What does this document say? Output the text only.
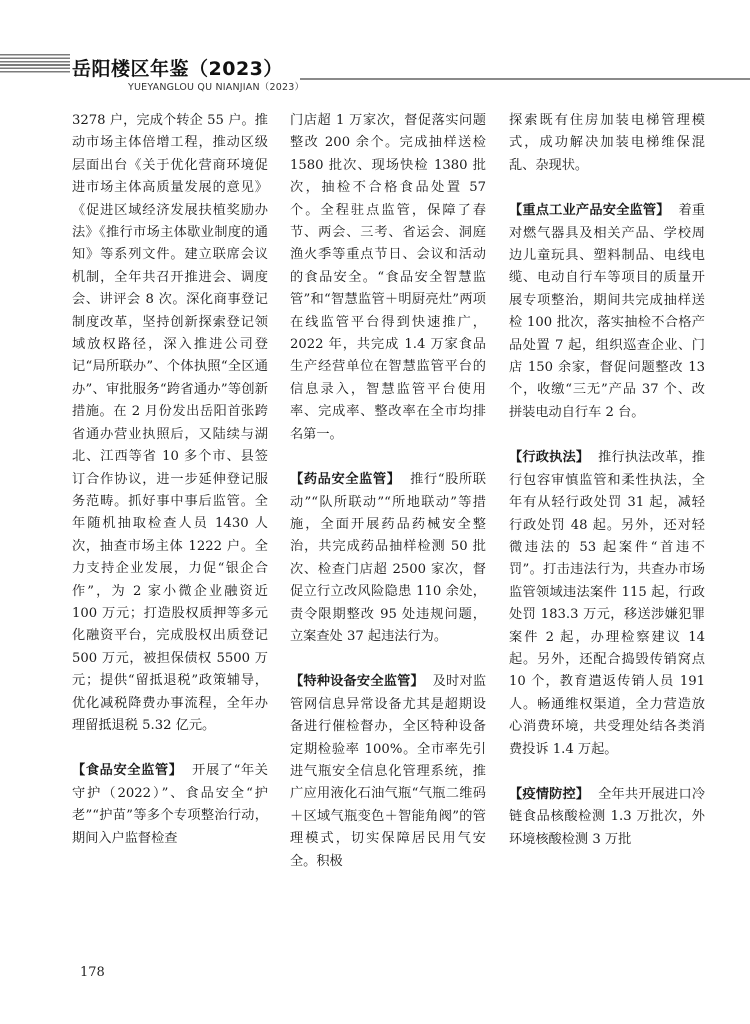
岳阳楼区年鉴（2023）
YUEYANGLOU QU NIANJIAN（2023）

3278 户，完成个转企 55 户。推动市场主体倍增工程，推动区级层面出台《关于优化营商环境促进市场主体高质量发展的意见》《促进区域经济发展扶植奖励办法》《推行市场主体歇业制度的通知》等系列文件。建立联席会议机制，全年共召开推进会、调度会、讲评会 8 次。深化商事登记制度改革，坚持创新探索登记领域放权路径，深入推进公司登记“局所联办”、个体执照“全区通办”、审批服务“跨省通办”等创新措施。在 2 月份发出岳阳首张跨省通办营业执照后，又陆续与湖北、江西等省 10 多个市、县签订合作协议，进一步延伸登记服务范畴。抓好事中事后监管。全年随机抽取检查人员 1430 人次，抽查市场主体 1222 户。全力支持企业发展，力促“银企合作”，为 2 家小微企业融资近 100 万元；打造股权质押等多元化融资平台，完成股权出质登记 500 万元，被担保债权 5500 万元；提供“留抵退税”政策辅导，优化减税降费办事流程，全年办理留抵退税 5.32 亿元。

【食品安全监管】 开展了“年关守护（2022）”、食品安全“护老”“护苗”等多个专项整治行动，期间入户监督检查

门店超 1 万家次，督促落实问题整改 200 余个。完成抽样送检 1580 批次、现场快检 1380 批次，抽检不合格食品处置 57 个。全程驻点监管，保障了春节、两会、三考、省运会、洞庭渔火季等重点节日、会议和活动的食品安全。“食品安全智慧监管”和“智慧监管＋明厨亮灶”两项在线监管平台得到快速推广，2022 年，共完成 1.4 万家食品生产经营单位在智慧监管平台的信息录入，智慧监管平台使用率、完成率、整改率在全市均排名第一。

【药品安全监管】 推行“股所联动”“队所联动”“所地联动”等措施，全面开展药品药械安全整治，共完成药品抽样检测 50 批次、检查门店超 2500 家次，督促立行立改风险隐患 110 余处，责令限期整改 95 处违规问题，立案查处 37 起违法行为。

【特种设备安全监管】 及时对监管网信息异常设备尤其是超期设备进行催检督办，全区特种设备定期检验率 100%。全市率先引进气瓶安全信息化管理系统，推广应用液化石油气瓶“气瓶二维码＋区域气瓶变色＋智能角阀”的管理模式，切实保障居民用气安全。积极

探索既有住房加装电梯管理模式，成功解决加装电梯维保混乱、杂现状。

【重点工业产品安全监管】 着重对燃气器具及相关产品、学校周边儿童玩具、塑料制品、电线电缆、电动自行车等项目的质量开展专项整治，期间共完成抽样送检 100 批次，落实抽检不合格产品处置 7 起，组织巡查企业、门店 150 余家，督促问题整改 13 个，收缴“三无”产品 37 个、改拼装电动自行车 2 台。

【行政执法】 推行执法改革，推行包容审慎监管和柔性执法，全年有从轻行政处罚 31 起，减轻行政处罚 48 起。另外，还对轻微违法的 53 起案件“首违不罚”。打击违法行为，共查办市场监管领域违法案件 115 起，行政处罚 183.3 万元，移送涉嫌犯罪案件 2 起，办理检察建议 14 起。另外，还配合捣毁传销窝点 10 个，教育遣返传销人员 191 人。畅通维权渠道，全力营造放心消费环境，共受理处结各类消费投诉 1.4 万起。

【疫情防控】 全年共开展进口冷链食品核酸检测 1.3 万批次，外环境核酸检测 3 万批

178
